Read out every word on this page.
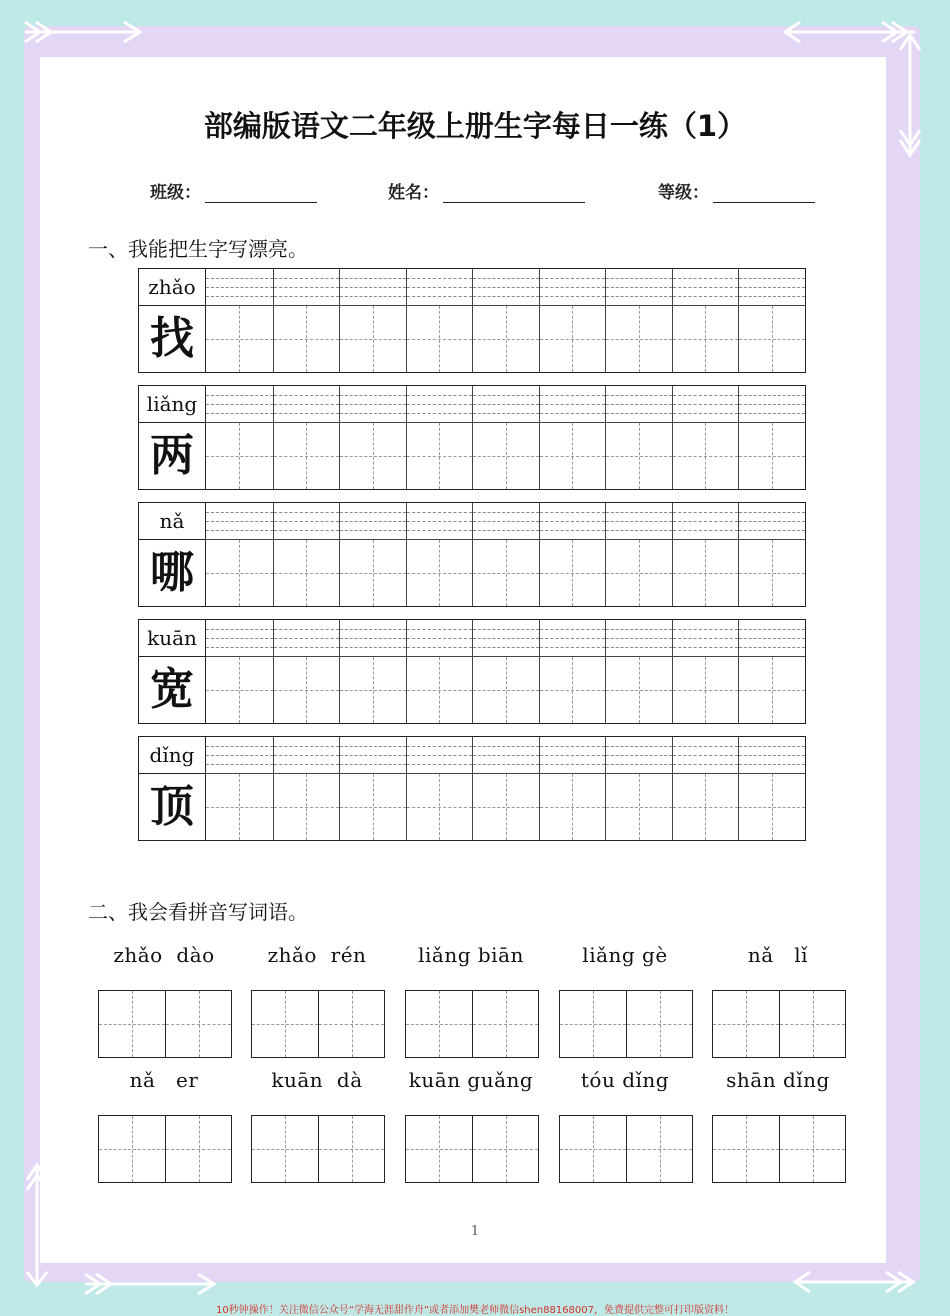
部编版语文二年级上册生字每日一练（1）
班级：	姓名：	等级：
一、我能把生字写漂亮。
zhǎo
找
liǎng
两
nǎ
哪
kuān
宽
dǐng
顶
二、我会看拼音写词语。
zhǎo  dào	zhǎo  rén	liǎng biān	liǎng gè	nǎ   lǐ
nǎ   er	kuān  dà	kuān guǎng	tóu dǐng	shān dǐng
1
10秒钟操作！关注微信公众号“学海无涯甜作舟”或者添加樊老师微信shen88168007，免费提供完整可打印版资料！
